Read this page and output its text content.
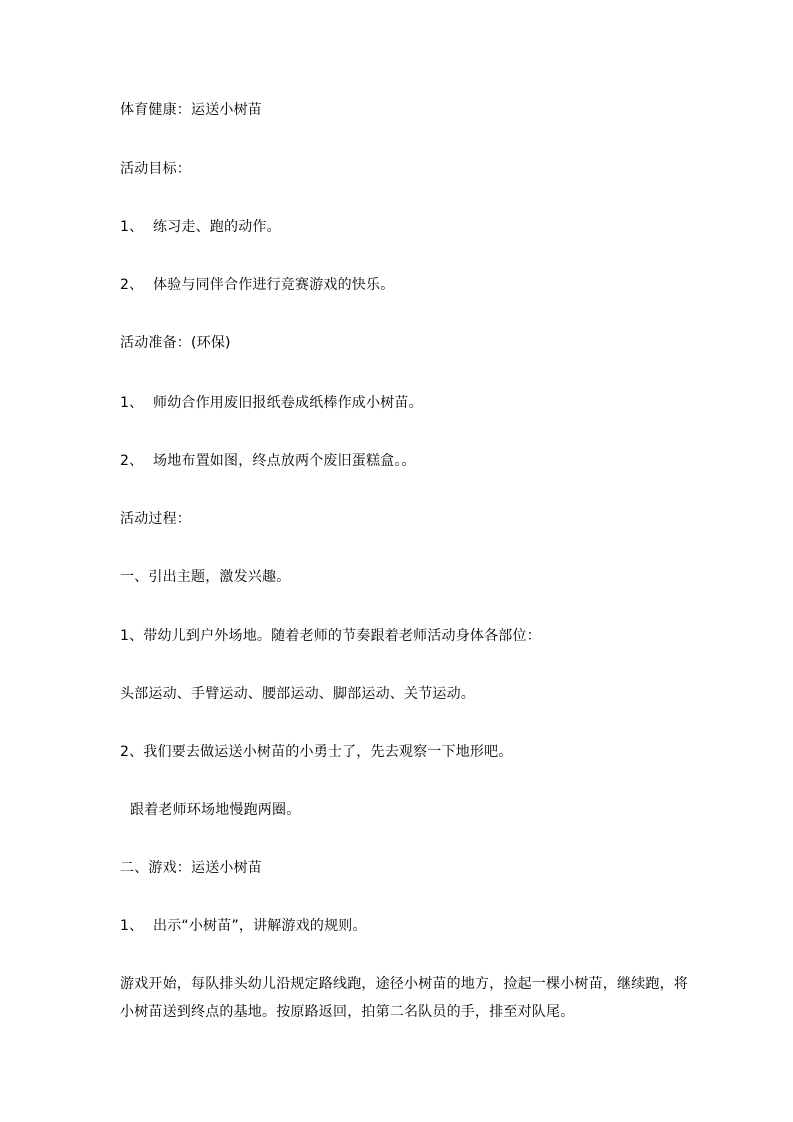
体育健康：运送小树苗
活动目标：
1、 练习走、跑的动作。
2、 体验与同伴合作进行竞赛游戏的快乐。
活动准备：(环保)
1、 师幼合作用废旧报纸卷成纸棒作成小树苗。
2、 场地布置如图，终点放两个废旧蛋糕盒。。
活动过程：
一、引出主题，激发兴趣。
1、带幼儿到户外场地。随着老师的节奏跟着老师活动身体各部位：
头部运动、手臂运动、腰部运动、脚部运动、关节运动。
2、我们要去做运送小树苗的小勇士了，先去观察一下地形吧。
跟着老师环场地慢跑两圈。
二、游戏：运送小树苗
1、 出示“小树苗”，讲解游戏的规则。
游戏开始，每队排头幼儿沿规定路线跑，途径小树苗的地方，捡起一棵小树苗，继续跑，将
小树苗送到终点的基地。按原路返回，拍第二名队员的手，排至对队尾。
